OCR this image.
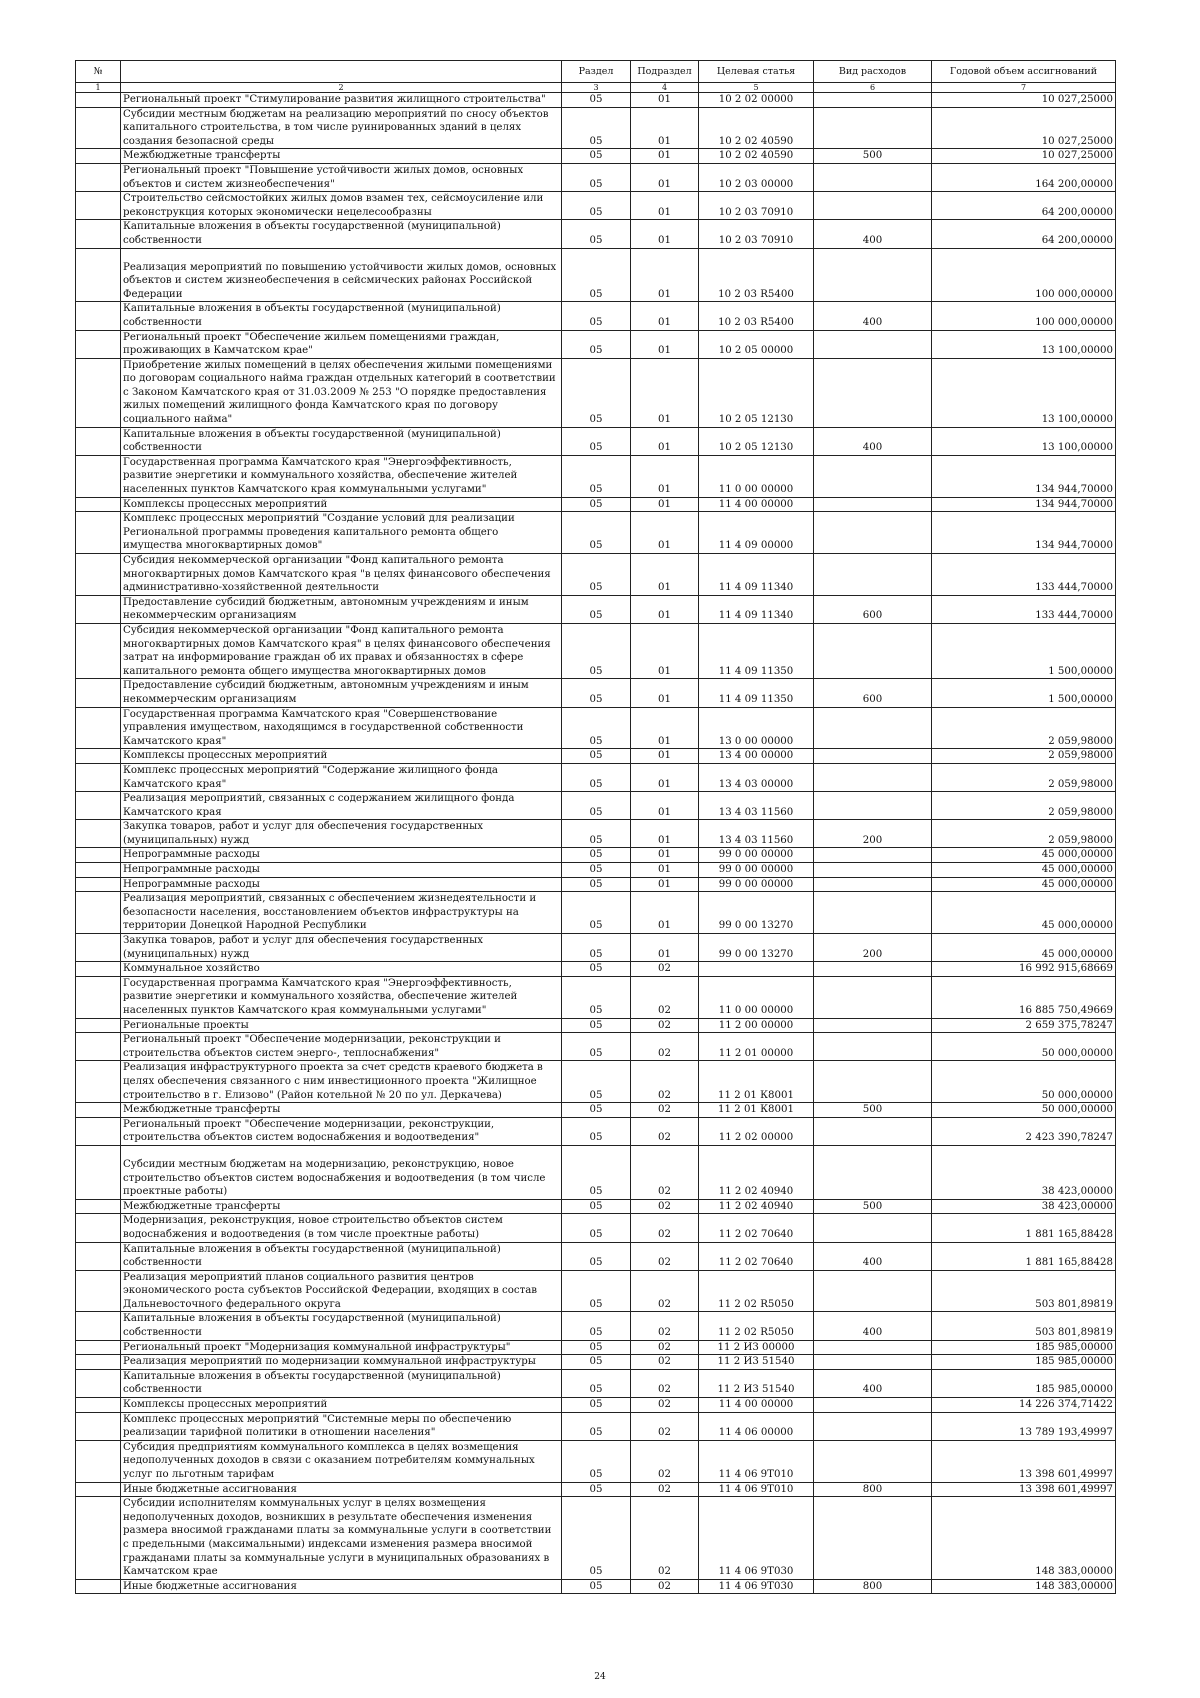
№		Раздел	Подраздел	Целевая статья	Вид расходов	Годовой объем ассигнований
1	2	3	4	5	6	7
	Региональный проект "Стимулирование развития жилищного строительства"	05	01	10 2 02 00000		10 027,25000
	Субсидии местным бюджетам на реализацию мероприятий по сносу объектов капитального строительства, в том числе руинированных зданий в целях создания безопасной среды	05	01	10 2 02 40590		10 027,25000
	Межбюджетные трансферты	05	01	10 2 02 40590	500	10 027,25000
	Региональный проект "Повышение устойчивости жилых домов, основных объектов и систем жизнеобеспечения"	05	01	10 2 03 00000		164 200,00000
	Строительство сейсмостойких жилых домов взамен тех, сейсмоусиление или реконструкция которых экономически нецелесообразны	05	01	10 2 03 70910		64 200,00000
	Капитальные вложения в объекты государственной (муниципальной) собственности	05	01	10 2 03 70910	400	64 200,00000
	Реализация мероприятий по повышению устойчивости жилых домов, основных объектов и систем жизнеобеспечения в сейсмических районах Российской Федерации	05	01	10 2 03 R5400		100 000,00000
	Капитальные вложения в объекты государственной (муниципальной) собственности	05	01	10 2 03 R5400	400	100 000,00000
	Региональный проект "Обеспечение жильем помещениями граждан, проживающих в Камчатском крае"	05	01	10 2 05 00000		13 100,00000
	Приобретение жилых помещений в целях обеспечения жилыми помещениями по договорам социального найма граждан отдельных категорий в соответствии с Законом Камчатского края от 31.03.2009 № 253 "О порядке предоставления жилых помещений жилищного фонда Камчатского края по договору социального найма"	05	01	10 2 05 12130		13 100,00000
	Капитальные вложения в объекты государственной (муниципальной) собственности	05	01	10 2 05 12130	400	13 100,00000
	Государственная программа Камчатского края "Энергоэффективность, развитие энергетики и коммунального хозяйства, обеспечение жителей населенных пунктов Камчатского края коммунальными услугами"	05	01	11 0 00 00000		134 944,70000
	Комплексы процессных мероприятий	05	01	11 4 00 00000		134 944,70000
	Комплекс процессных мероприятий "Создание условий для реализации Региональной программы проведения капитального ремонта общего имущества многоквартирных домов"	05	01	11 4 09 00000		134 944,70000
	Субсидия некоммерческой организации "Фонд капитального ремонта многоквартирных домов Камчатского края "в целях финансового обеспечения административно-хозяйственной деятельности	05	01	11 4 09 11340		133 444,70000
	Предоставление субсидий бюджетным, автономным учреждениям и иным некоммерческим организациям	05	01	11 4 09 11340	600	133 444,70000
	Субсидия некоммерческой организации "Фонд капитального ремонта многоквартирных домов Камчатского края" в целях финансового обеспечения затрат на информирование граждан об их правах и обязанностях в сфере капитального ремонта общего имущества многоквартирных домов	05	01	11 4 09 11350		1 500,00000
	Предоставление субсидий бюджетным, автономным учреждениям и иным некоммерческим организациям	05	01	11 4 09 11350	600	1 500,00000
	Государственная программа Камчатского края "Совершенствование управления имуществом, находящимся в государственной собственности Камчатского края"	05	01	13 0 00 00000		2 059,98000
	Комплексы процессных мероприятий	05	01	13 4 00 00000		2 059,98000
	Комплекс процессных мероприятий "Содержание жилищного фонда Камчатского края"	05	01	13 4 03 00000		2 059,98000
	Реализация мероприятий, связанных с содержанием жилищного фонда Камчатского края	05	01	13 4 03 11560		2 059,98000
	Закупка товаров, работ и услуг для обеспечения государственных (муниципальных) нужд	05	01	13 4 03 11560	200	2 059,98000
	Непрограммные расходы	05	01	99 0 00 00000		45 000,00000
	Непрограммные расходы	05	01	99 0 00 00000		45 000,00000
	Непрограммные расходы	05	01	99 0 00 00000		45 000,00000
	Реализация мероприятий, связанных с обеспечением жизнедеятельности и безопасности населения, восстановлением объектов инфраструктуры на территории Донецкой Народной Республики	05	01	99 0 00 13270		45 000,00000
	Закупка товаров, работ и услуг для обеспечения государственных (муниципальных) нужд	05	01	99 0 00 13270	200	45 000,00000
	Коммунальное хозяйство	05	02			16 992 915,68669
	Государственная программа Камчатского края "Энергоэффективность, развитие энергетики и коммунального хозяйства, обеспечение жителей населенных пунктов Камчатского края коммунальными услугами"	05	02	11 0 00 00000		16 885 750,49669
	Региональные проекты	05	02	11 2 00 00000		2 659 375,78247
	Региональный проект "Обеспечение модернизации, реконструкции и строительства объектов систем энерго-, теплоснабжения"	05	02	11 2 01 00000		50 000,00000
	Реализация инфраструктурного проекта за счет средств краевого бюджета в целях обеспечения связанного с ним инвестиционного проекта "Жилищное строительство в г. Елизово" (Район котельной № 20 по ул. Деркачева)	05	02	11 2 01 К8001		50 000,00000
	Межбюджетные трансферты	05	02	11 2 01 К8001	500	50 000,00000
	Региональный проект "Обеспечение модернизации, реконструкции, строительства объектов систем водоснабжения и водоотведения"	05	02	11 2 02 00000		2 423 390,78247
	Субсидии местным бюджетам на модернизацию, реконструкцию, новое строительство объектов систем водоснабжения и водоотведения (в том числе проектные работы)	05	02	11 2 02 40940		38 423,00000
	Межбюджетные трансферты	05	02	11 2 02 40940	500	38 423,00000
	Модернизация, реконструкция, новое строительство объектов систем водоснабжения и водоотведения (в том числе проектные работы)	05	02	11 2 02 70640		1 881 165,88428
	Капитальные вложения в объекты государственной (муниципальной) собственности	05	02	11 2 02 70640	400	1 881 165,88428
	Реализация мероприятий планов социального развития центров экономического роста субъектов Российской Федерации, входящих в состав Дальневосточного федерального округа	05	02	11 2 02 R5050		503 801,89819
	Капитальные вложения в объекты государственной (муниципальной) собственности	05	02	11 2 02 R5050	400	503 801,89819
	Региональный проект "Модернизация коммунальной инфраструктуры"	05	02	11 2 И3 00000		185 985,00000
	Реализация мероприятий по модернизации коммунальной инфраструктуры	05	02	11 2 И3 51540		185 985,00000
	Капитальные вложения в объекты государственной (муниципальной) собственности	05	02	11 2 И3 51540	400	185 985,00000
	Комплексы процессных мероприятий	05	02	11 4 00 00000		14 226 374,71422
	Комплекс процессных мероприятий "Системные меры по обеспечению реализации тарифной политики в отношении населения"	05	02	11 4 06 00000		13 789 193,49997
	Субсидия предприятиям коммунального комплекса в целях возмещения недополученных доходов в связи с оказанием потребителям коммунальных услуг по льготным тарифам	05	02	11 4 06 9Т010		13 398 601,49997
	Иные бюджетные ассигнования	05	02	11 4 06 9Т010	800	13 398 601,49997
	Субсидии исполнителям коммунальных услуг в целях возмещения недополученных доходов, возникших в результате обеспечения изменения размера вносимой гражданами платы за коммунальные услуги в соответствии с предельными (максимальными) индексами изменения размера вносимой гражданами платы за коммунальные услуги в муниципальных образованиях в Камчатском крае	05	02	11 4 06 9Т030		148 383,00000
	Иные бюджетные ассигнования	05	02	11 4 06 9Т030	800	148 383,00000
24
